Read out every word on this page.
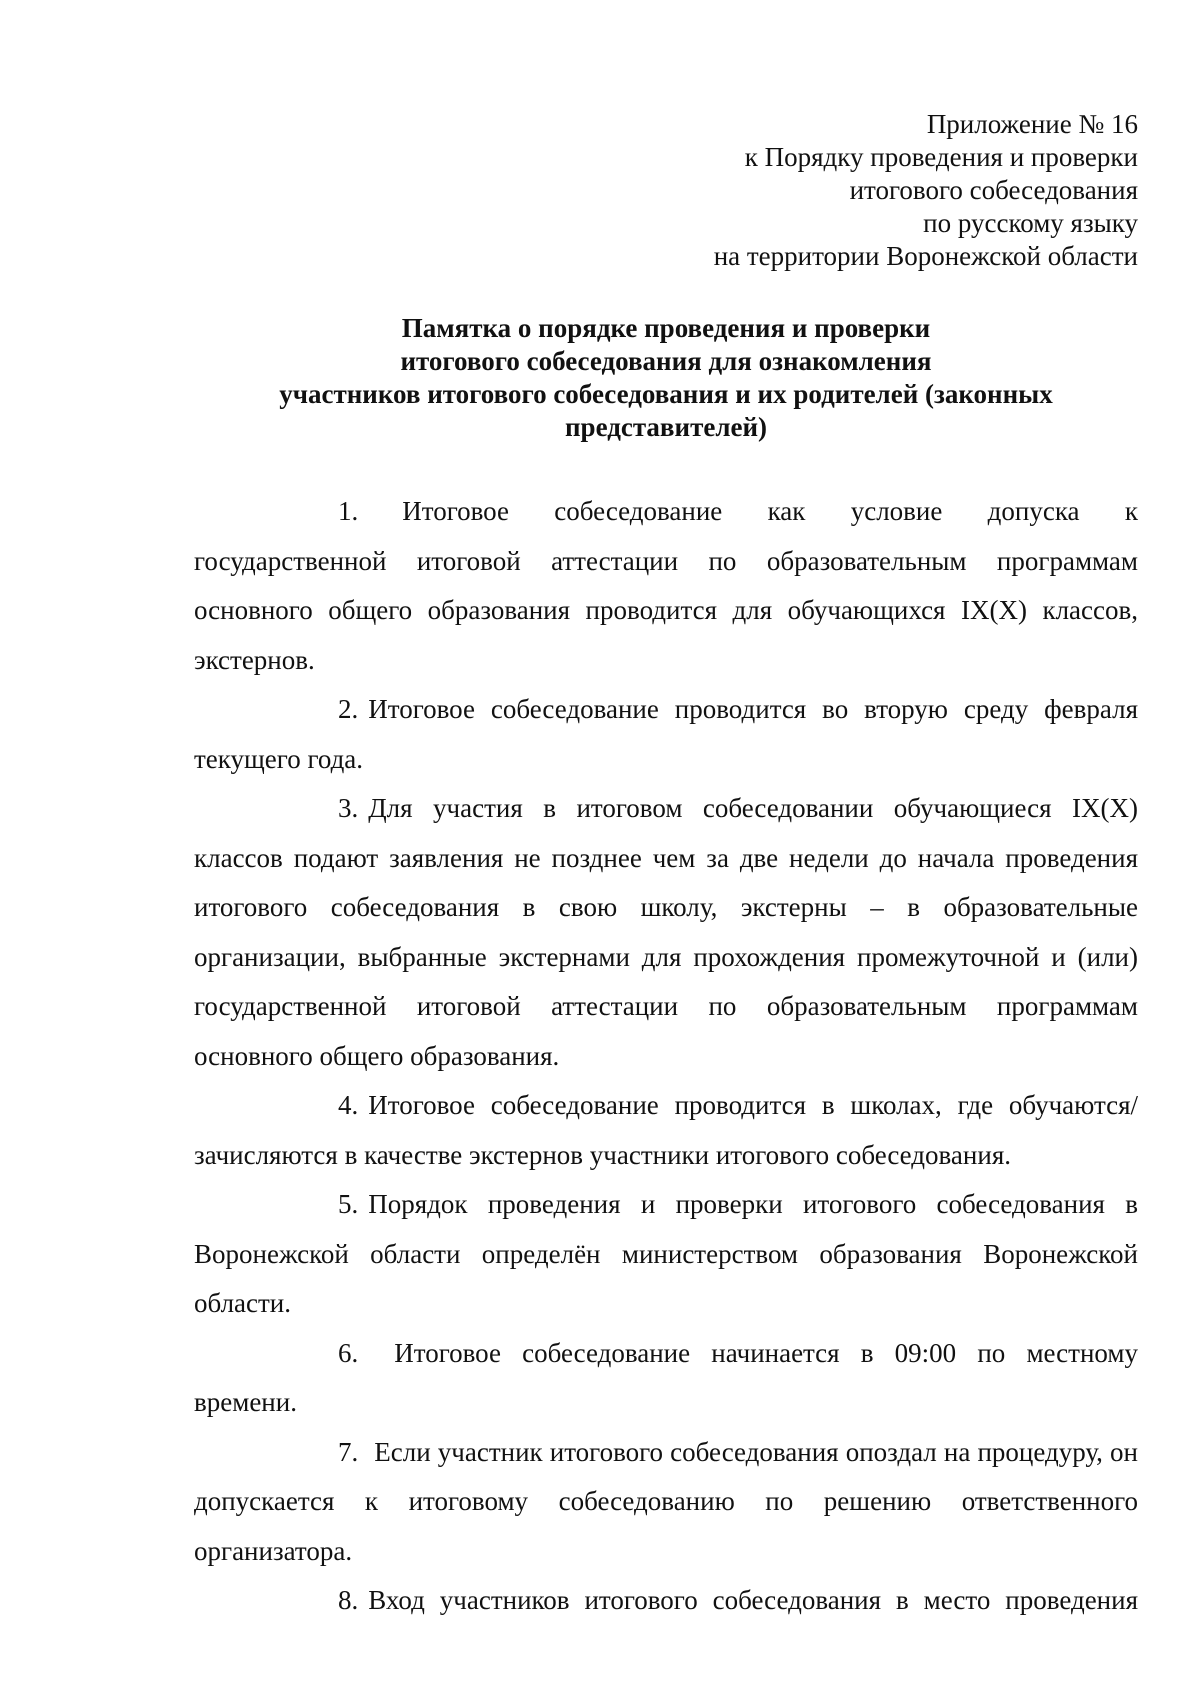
Приложение № 16
к Порядку проведения и проверки
итогового собеседования
по русскому языку
на территории Воронежской области
Памятка о порядке проведения и проверки
итогового собеседования для ознакомления
участников итогового собеседования и их родителей (законных
представителей)

1. Итоговое собеседование как условие допуска к государственной итоговой аттестации по образовательным программам основного общего образования проводится для обучающихся IX(X) классов, экстернов.

2. Итоговое собеседование проводится во вторую среду февраля текущего года.

3. Для участия в итоговом собеседовании обучающиеся IX(X) классов подают заявления не позднее чем за две недели до начала проведения итогового собеседования в свою школу, экстерны – в образовательные организации, выбранные экстернами для прохождения промежуточной и (или) государственной итоговой аттестации по образовательным программам основного общего образования.

4. Итоговое собеседование проводится в школах, где обучаются/зачисляются в качестве экстернов участники итогового собеседования.

5. Порядок проведения и проверки итогового собеседования в Воронежской области определён министерством образования Воронежской области.

6. Итоговое собеседование начинается в 09:00 по местному времени.

7. Если участник итогового собеседования опоздал на процедуру, он допускается к итоговому собеседованию по решению ответственного организатора.

8. Вход участников итогового собеседования в место проведения
